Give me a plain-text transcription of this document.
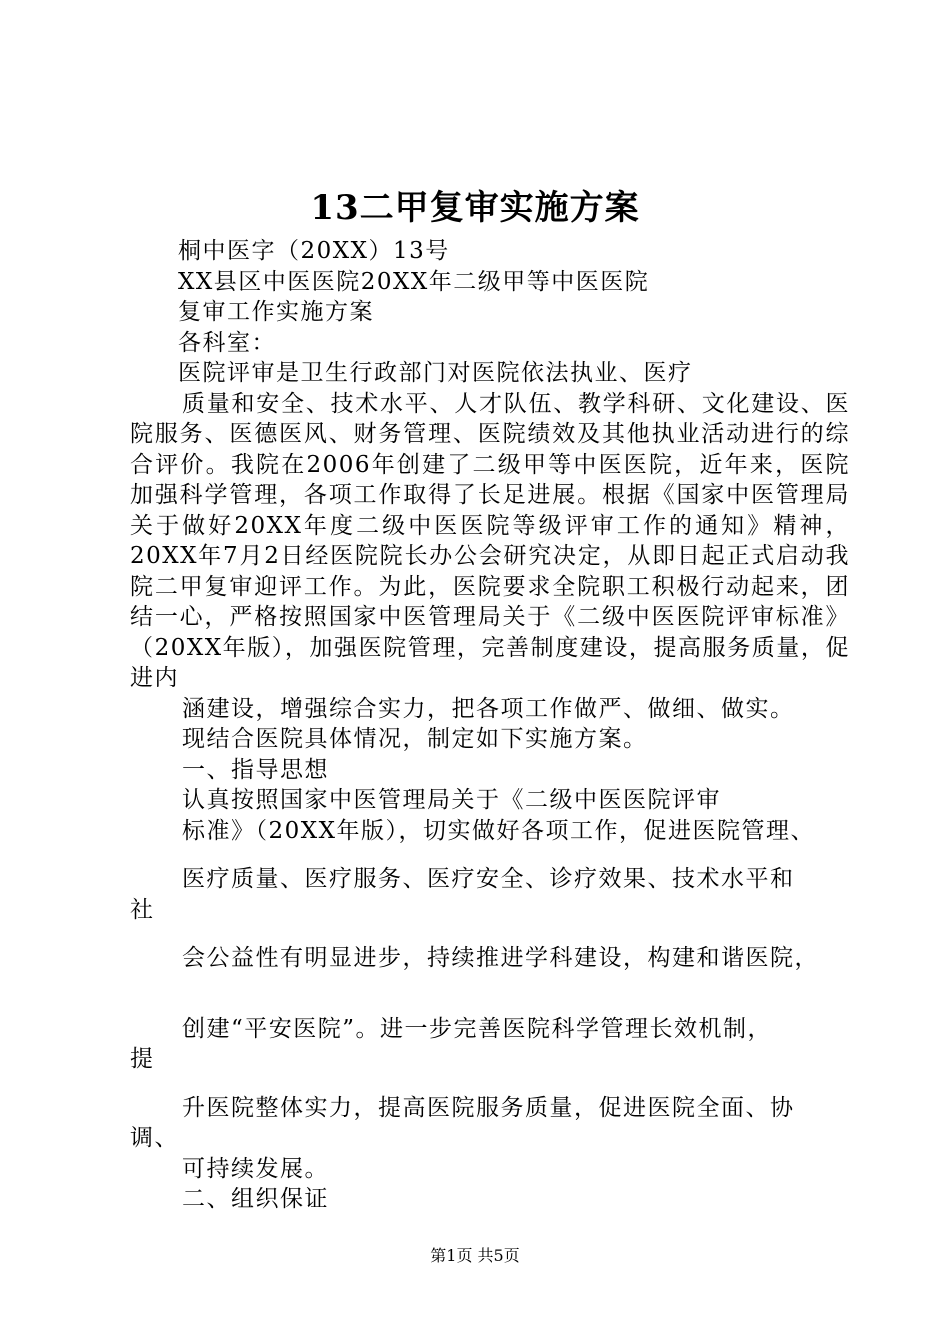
13二甲复审实施方案
桐中医字（20XX）13号
XX县区中医医院20XX年二级甲等中医医院
复审工作实施方案
各科室：
医院评审是卫生行政部门对医院依法执业、医疗
质量和安全、技术水平、人才队伍、教学科研、文化建设、医院服务、医德医风、财务管理、医院绩效及其他执业活动进行的综合评价。我院在2006年创建了二级甲等中医医院，近年来，医院加强科学管理，各项工作取得了长足进展。根据《国家中医管理局关于做好20XX年度二级中医医院等级评审工作的通知》精神，20XX年7月2日经医院院长办公会研究决定，从即日起正式启动我院二甲复审迎评工作。为此，医院要求全院职工积极行动起来，团结一心，严格按照国家中医管理局关于《二级中医医院评审标准》（20XX年版），加强医院管理，完善制度建设，提高服务质量，促进内
涵建设，增强综合实力，把各项工作做严、做细、做实。
现结合医院具体情况，制定如下实施方案。
一、指导思想
认真按照国家中医管理局关于《二级中医医院评审
标准》（20XX年版），切实做好各项工作，促进医院管理、
医疗质量、医疗服务、医疗安全、诊疗效果、技术水平和
社
会公益性有明显进步，持续推进学科建设，构建和谐医院，
创建“平安医院”。进一步完善医院科学管理长效机制，
提
升医院整体实力，提高医院服务质量，促进医院全面、协
调、
可持续发展。
二、组织保证
第1页 共5页
